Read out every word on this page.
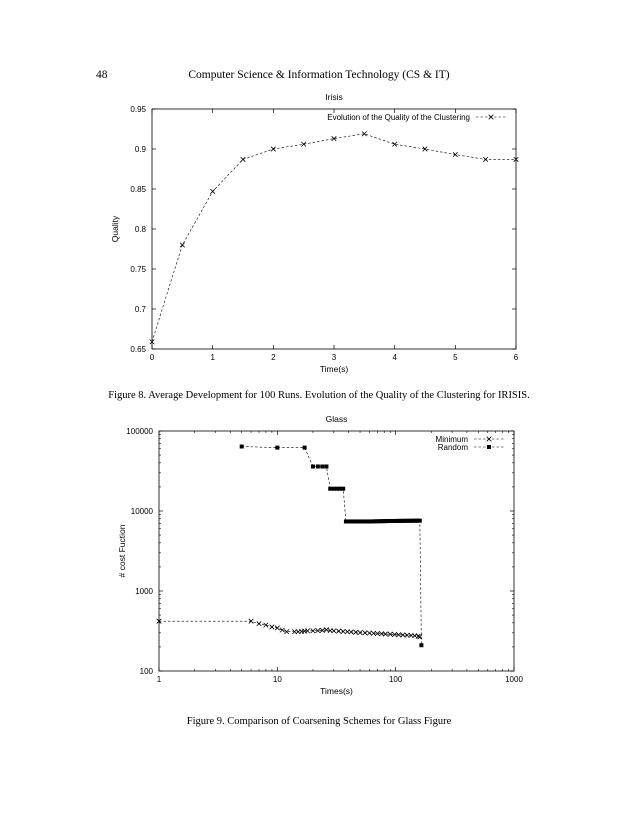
48	Computer Science & Information Technology (CS & IT)
0	1	2	3	4	5	6
0.65
0.7
0.75
0.8
0.85
0.9
0.95
Irisis
Time(s)
Quality
Evolution of the Quality of the Clustering
Figure 8. Average Development for 100 Runs. Evolution of the Quality of the Clustering for IRISIS.
1	10	100	1000
100
1000
10000
100000
Glass
Times(s)
# cost Fuction
Minimum
Random
Figure 9. Comparison of Coarsening Schemes for Glass Figure
